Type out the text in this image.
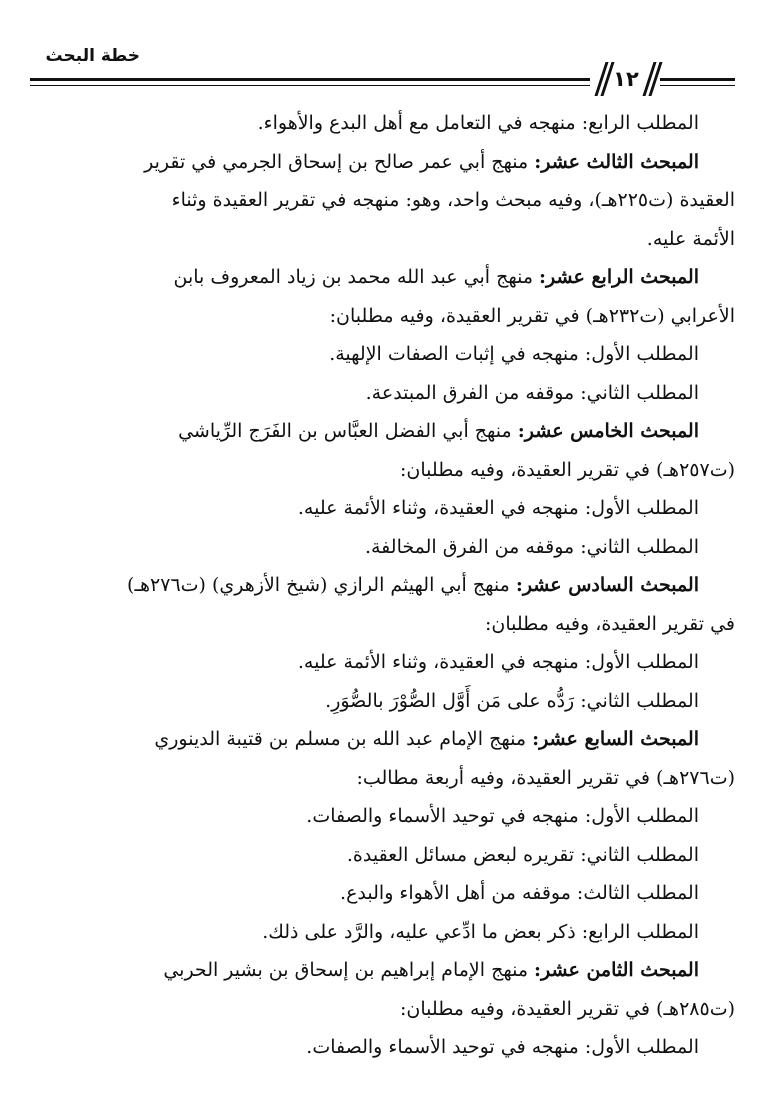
خطة البحث
١٢
المطلب الرابع: منهجه في التعامل مع أهل البدع والأهواء.
المبحث الثالث عشر: منهج أبي عمر صالح بن إسحاق الجرمي في تقرير
العقيدة (ت٢٢٥هـ)، وفيه مبحث واحد، وهو: منهجه في تقرير العقيدة وثناء
الأئمة عليه.
المبحث الرابع عشر: منهج أبي عبد الله محمد بن زياد المعروف بابن
الأعرابي (ت٢٣٢هـ) في تقرير العقيدة، وفيه مطلبان:
المطلب الأول: منهجه في إثبات الصفات الإلهية.
المطلب الثاني: موقفه من الفرق المبتدعة.
المبحث الخامس عشر: منهج أبي الفضل العبَّاس بن الفَرَج الرِّياشي
(ت٢٥٧هـ) في تقرير العقيدة، وفيه مطلبان:
المطلب الأول: منهجه في العقيدة، وثناء الأئمة عليه.
المطلب الثاني: موقفه من الفرق المخالفة.
المبحث السادس عشر: منهج أبي الهيثم الرازي (شيخ الأزهري) (ت٢٧٦هـ)
في تقرير العقيدة، وفيه مطلبان:
المطلب الأول: منهجه في العقيدة، وثناء الأئمة عليه.
المطلب الثاني: رَدُّه على مَن أَوَّل الصُّوْرَ بالصُّوَرِ.
المبحث السابع عشر: منهج الإمام عبد الله بن مسلم بن قتيبة الدينوري
(ت٢٧٦هـ) في تقرير العقيدة، وفيه أربعة مطالب:
المطلب الأول: منهجه في توحيد الأسماء والصفات.
المطلب الثاني: تقريره لبعض مسائل العقيدة.
المطلب الثالث: موقفه من أهل الأهواء والبدع.
المطلب الرابع: ذكر بعض ما ادِّعي عليه، والرَّد على ذلك.
المبحث الثامن عشر: منهج الإمام إبراهيم بن إسحاق بن بشير الحربي
(ت٢٨٥هـ) في تقرير العقيدة، وفيه مطلبان:
المطلب الأول: منهجه في توحيد الأسماء والصفات.
